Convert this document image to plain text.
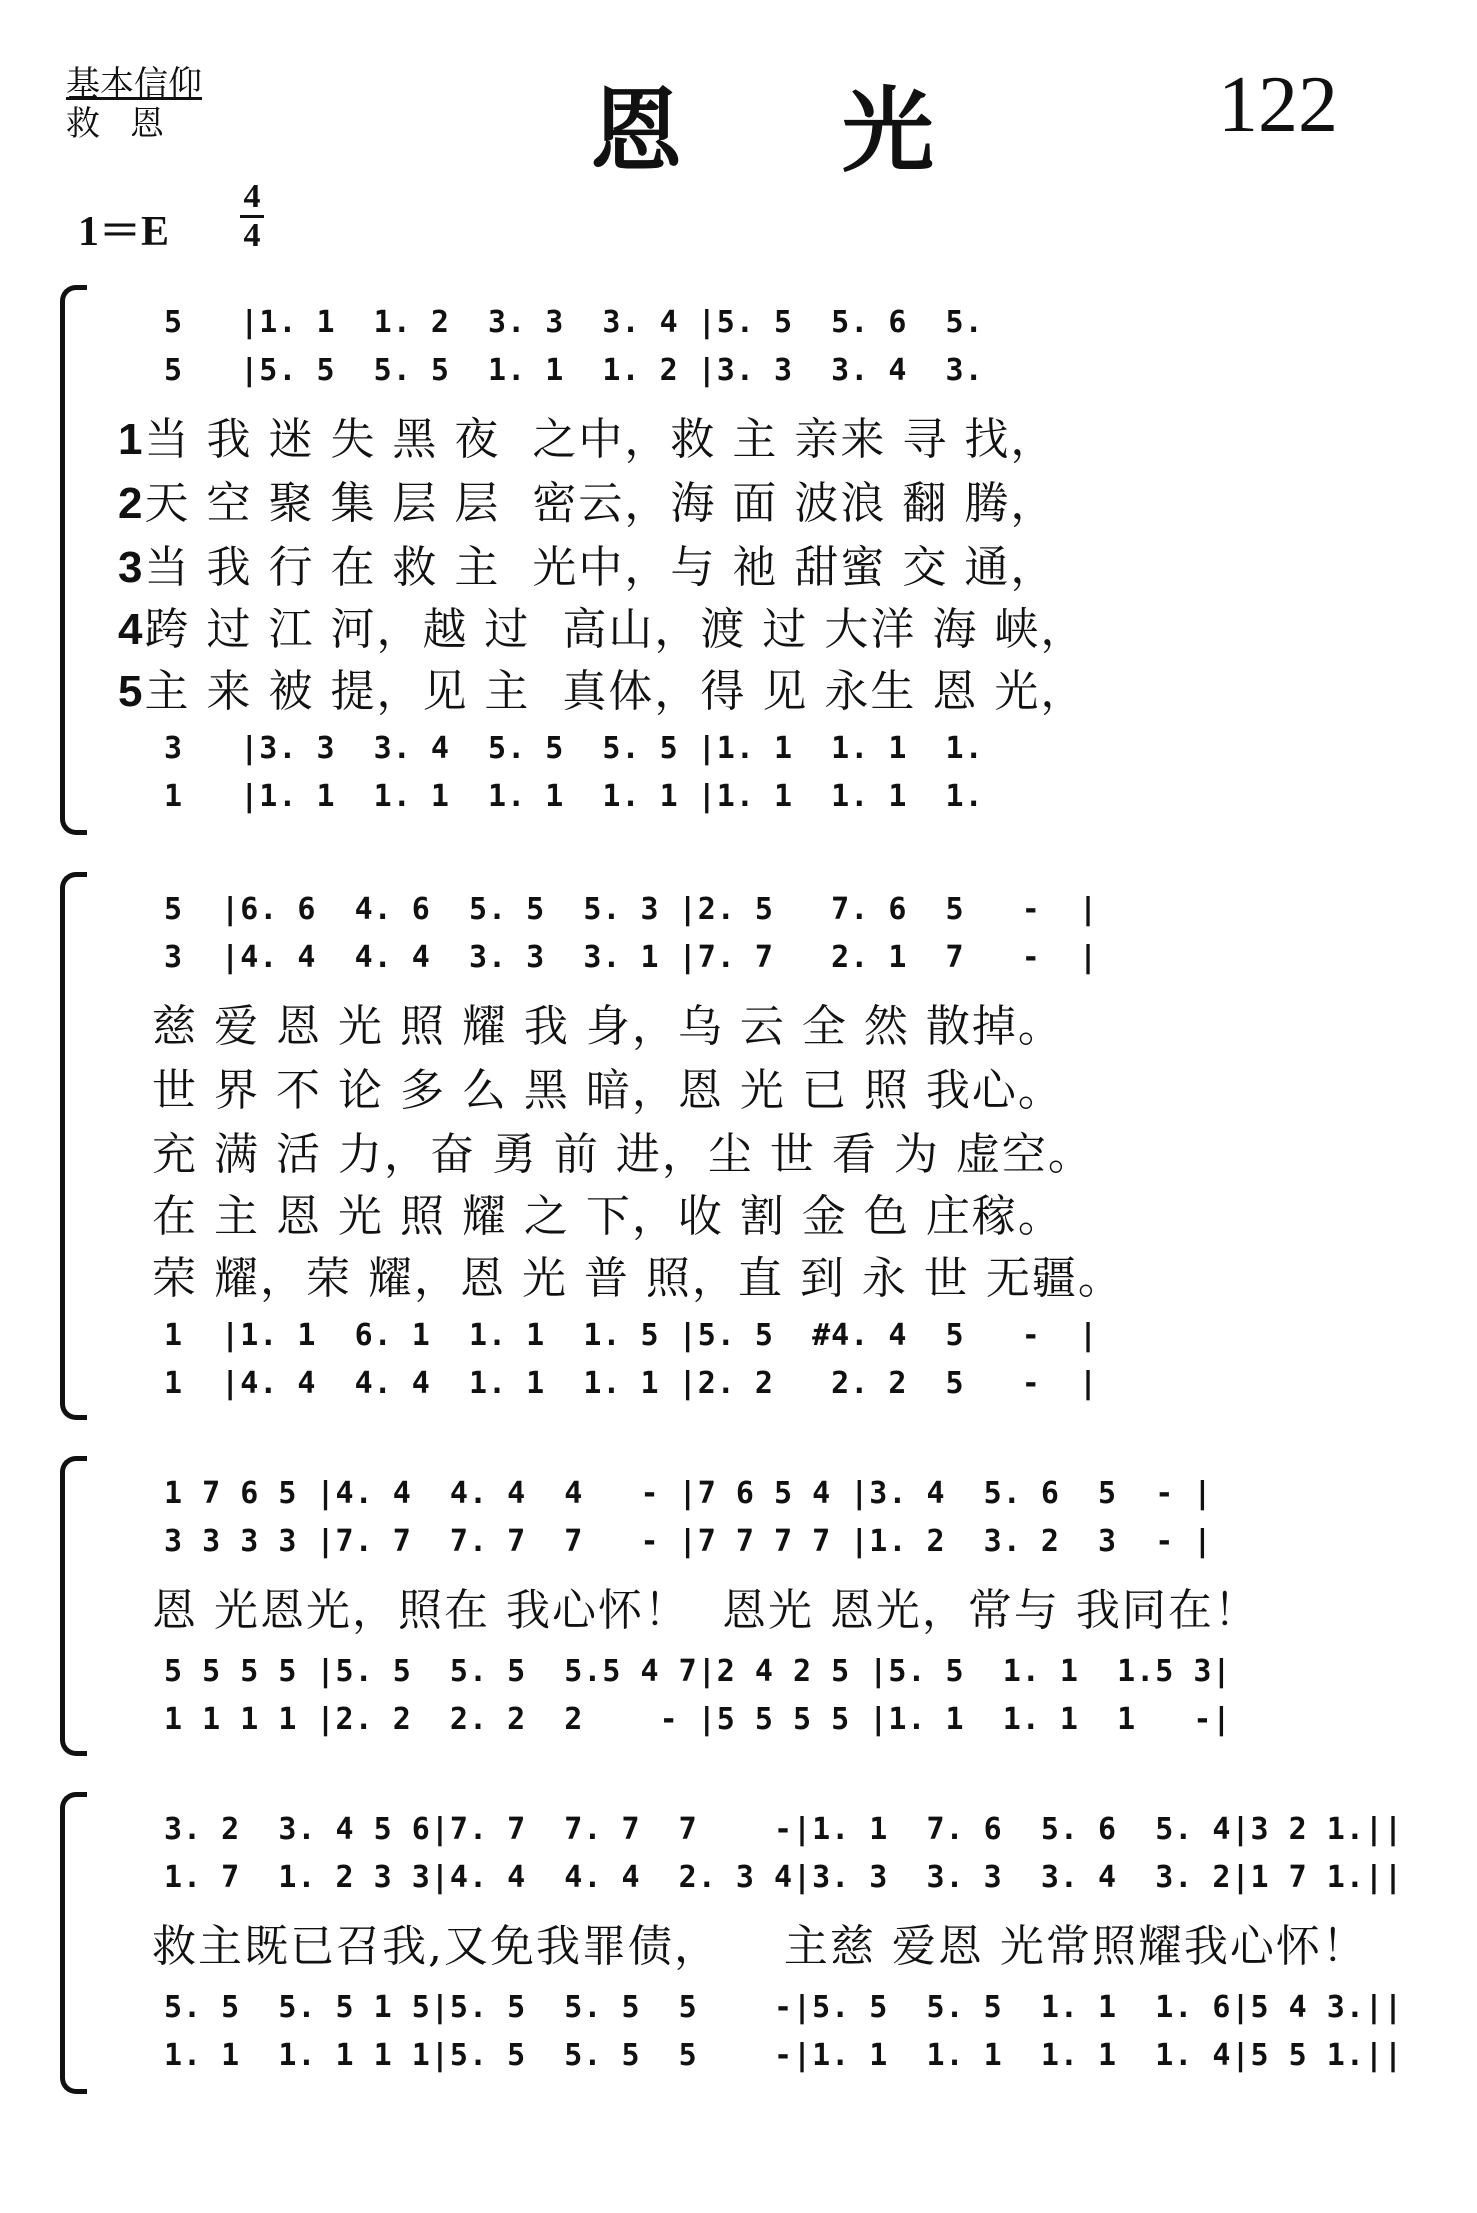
基本信仰
救恩	恩光 122
1＝E
4
4
5   |1. 1  1. 2  3. 3  3. 4 |5. 5  5. 6  5.
5   |5. 5  5. 5  1. 1  1. 2 |3. 3  3. 4  3.
1当 我 迷 失 黑 夜  之中，救 主 亲来 寻 找，
2天 空 聚 集 层 层  密云，海 面 波浪 翻 腾，
3当 我 行 在 救 主  光中，与 祂 甜蜜 交 通，
4跨 过 江 河，越 过  高山，渡 过 大洋 海 峡，
5主 来 被 提，见 主  真体，得 见 永生 恩 光，
3   |3. 3  3. 4  5. 5  5. 5 |1. 1  1. 1  1.
1   |1. 1  1. 1  1. 1  1. 1 |1. 1  1. 1  1.
5  |6. 6  4. 6  5. 5  5. 3 |2. 5   7. 6  5   -  |
3  |4. 4  4. 4  3. 3  3. 1 |7. 7   2. 1  7   -  |
慈 爱 恩 光 照 耀 我 身，乌 云 全 然 散掉。
世 界 不 论 多 么 黑 暗，恩 光 已 照 我心。
充 满 活 力，奋 勇 前 进，尘 世 看 为 虚空。
在 主 恩 光 照 耀 之 下，收 割 金 色 庄稼。
荣 耀，荣 耀，恩 光 普 照，直 到 永 世 无疆。
1  |1. 1  6. 1  1. 1  1. 5 |5. 5  #4. 4  5   -  |
1  |4. 4  4. 4  1. 1  1. 1 |2. 2   2. 2  5   -  |
1 7 6 5 |4. 4  4. 4  4   - |7 6 5 4 |3. 4  5. 6  5  - |
3 3 3 3 |7. 7  7. 7  7   - |7 7 7 7 |1. 2  3. 2  3  - |
恩 光恩光，照在 我心怀！  恩光 恩光，常与 我同在！
5 5 5 5 |5. 5  5. 5  5.5 4 7|2 4 2 5 |5. 5  1. 1  1.5 3|
1 1 1 1 |2. 2  2. 2  2    - |5 5 5 5 |1. 1  1. 1  1   -|
3. 2  3. 4 5 6|7. 7  7. 7  7    -|1. 1  7. 6  5. 6  5. 4|3 2 1.||
1. 7  1. 2 3 3|4. 4  4. 4  2. 3 4|3. 3  3. 3  3. 4  3. 2|1 7 1.||
救主既已召我,又免我罪债，    主慈 爱恩 光常照耀我心怀！
5. 5  5. 5 1 5|5. 5  5. 5  5    -|5. 5  5. 5  1. 1  1. 6|5 4 3.||
1. 1  1. 1 1 1|5. 5  5. 5  5    -|1. 1  1. 1  1. 1  1. 4|5 5 1.||
